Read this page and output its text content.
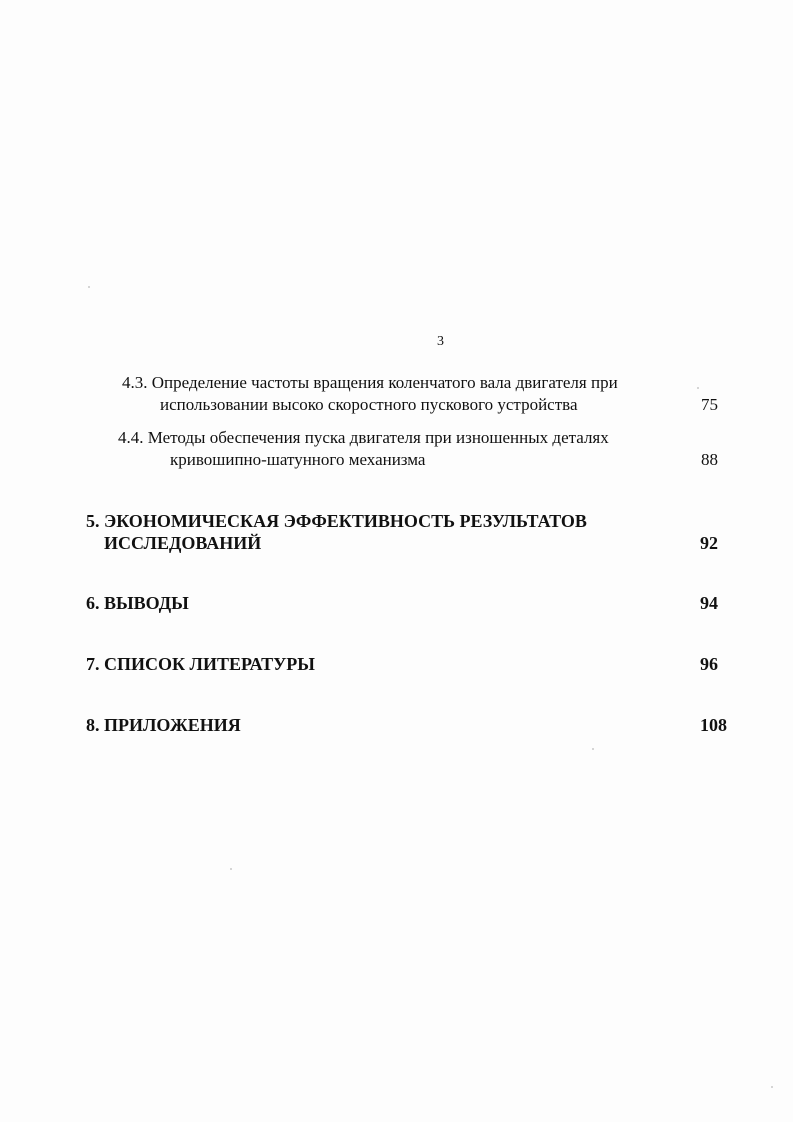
3
4.3. Определение частоты вращения коленчатого вала двигателя при
использовании высоко скоростного пускового устройства	75
4.4. Методы обеспечения пуска двигателя при изношенных деталях
кривошипно-шатунного механизма	88
5. ЭКОНОМИЧЕСКАЯ ЭФФЕКТИВНОСТЬ РЕЗУЛЬТАТОВ
ИССЛЕДОВАНИЙ	92
6. ВЫВОДЫ	94
7. СПИСОК ЛИТЕРАТУРЫ	96
8. ПРИЛОЖЕНИЯ	108
